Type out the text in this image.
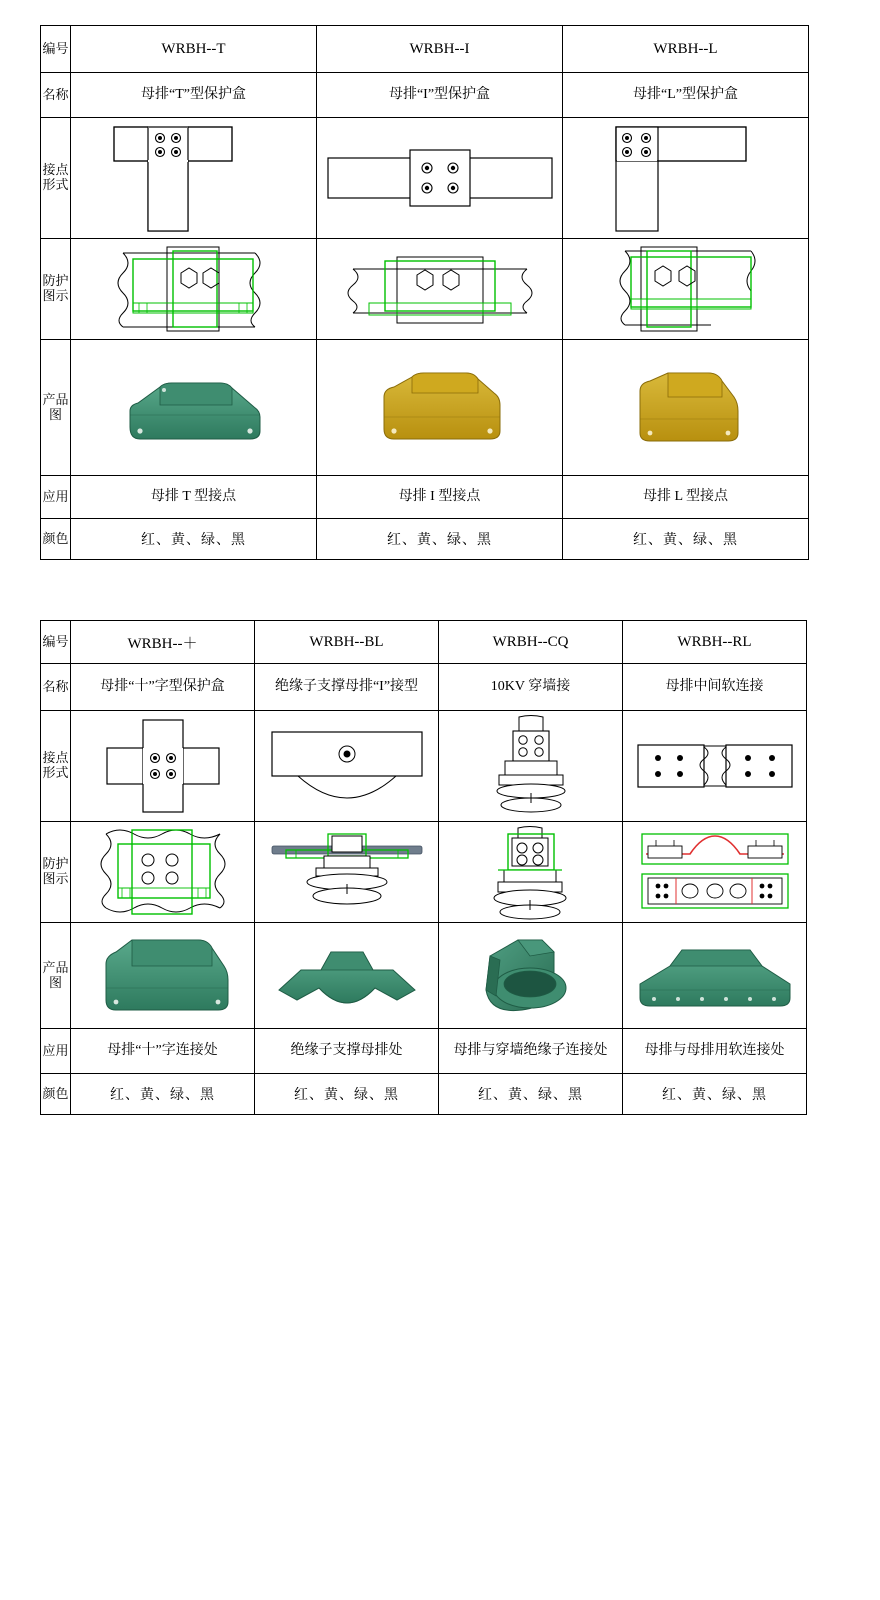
编号	WRBH--T	WRBH--I	WRBH--L

名称	母排“T”型保护盒	母排“I”型保护盒	母排“L”型保护盒

接点形式

防护图示

产品图

应用	母排 T 型接点	母排 I 型接点	母排 L 型接点

颜色	红、黄、绿、黑	红、黄、绿、黑	红、黄、绿、黑
编号	WRBH--＋	WRBH--BL	WRBH--CQ	WRBH--RL

名称	母排“十”字型保护盒	绝缘子支撑母排“I”接型	10KV 穿墙接	母排中间软连接

接点形式

防护图示

产品图

应用	母排“十”字连接处	绝缘子支撑母排处	母排与穿墙绝缘子连接处	母排与母排用软连接处

颜色	红、黄、绿、黑	红、黄、绿、黑	红、黄、绿、黑	红、黄、绿、黑
